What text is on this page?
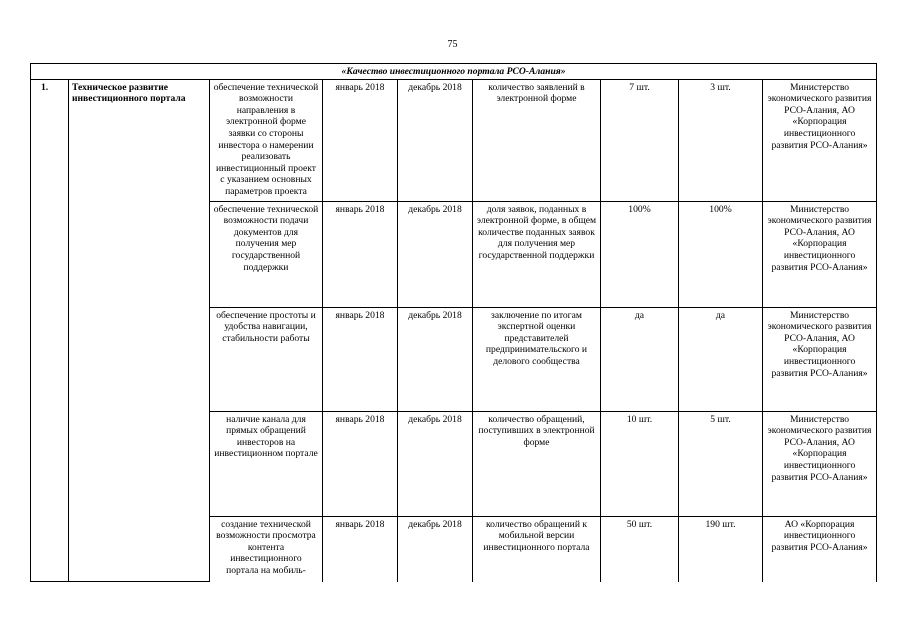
75
«Качество инвестиционного портала РСО-Алания»								
1.	Техническое развитие инвестиционного портала	обеспечение технической возможности направления в электронной форме заявки со стороны инвестора о намерении реализовать инвестиционный проект с указанием основных параметров проекта	январь 2018	декабрь 2018	количество заявлений в электронной форме	7 шт.	3 шт.	Министерство экономического развития РСО-Алания, АО «Корпорация инвестиционного развития РСО-Алания»
		обеспечение технической возможности подачи документов для получения мер государственной поддержки	январь 2018	декабрь 2018	доля заявок, поданных в электронной форме, в общем количестве поданных заявок для получения мер государственной поддержки	100%	100%	Министерство экономического развития РСО-Алания, АО «Корпорация инвестиционного развития РСО-Алания»
		обеспечение простоты и удобства навигации, стабильности работы	январь 2018	декабрь 2018	заключение по итогам экспертной оценки представителей предпринимательского и делового сообщества	да	да	Министерство экономического развития РСО-Алания, АО «Корпорация инвестиционного развития РСО-Алания»
		наличие канала для прямых обращений инвесторов на инвестиционном портале	январь 2018	декабрь 2018	количество обращений, поступивших в электронной форме	10 шт.	5 шт.	Министерство экономического развития РСО-Алания, АО «Корпорация инвестиционного развития РСО-Алания»
		создание технической возможности просмотра контента инвестиционного портала на мобиль-	январь 2018	декабрь 2018	количество обращений к мобильной версии инвестиционного портала	50 шт.	190 шт.	АО «Корпорация инвестиционного развития РСО-Алания»
